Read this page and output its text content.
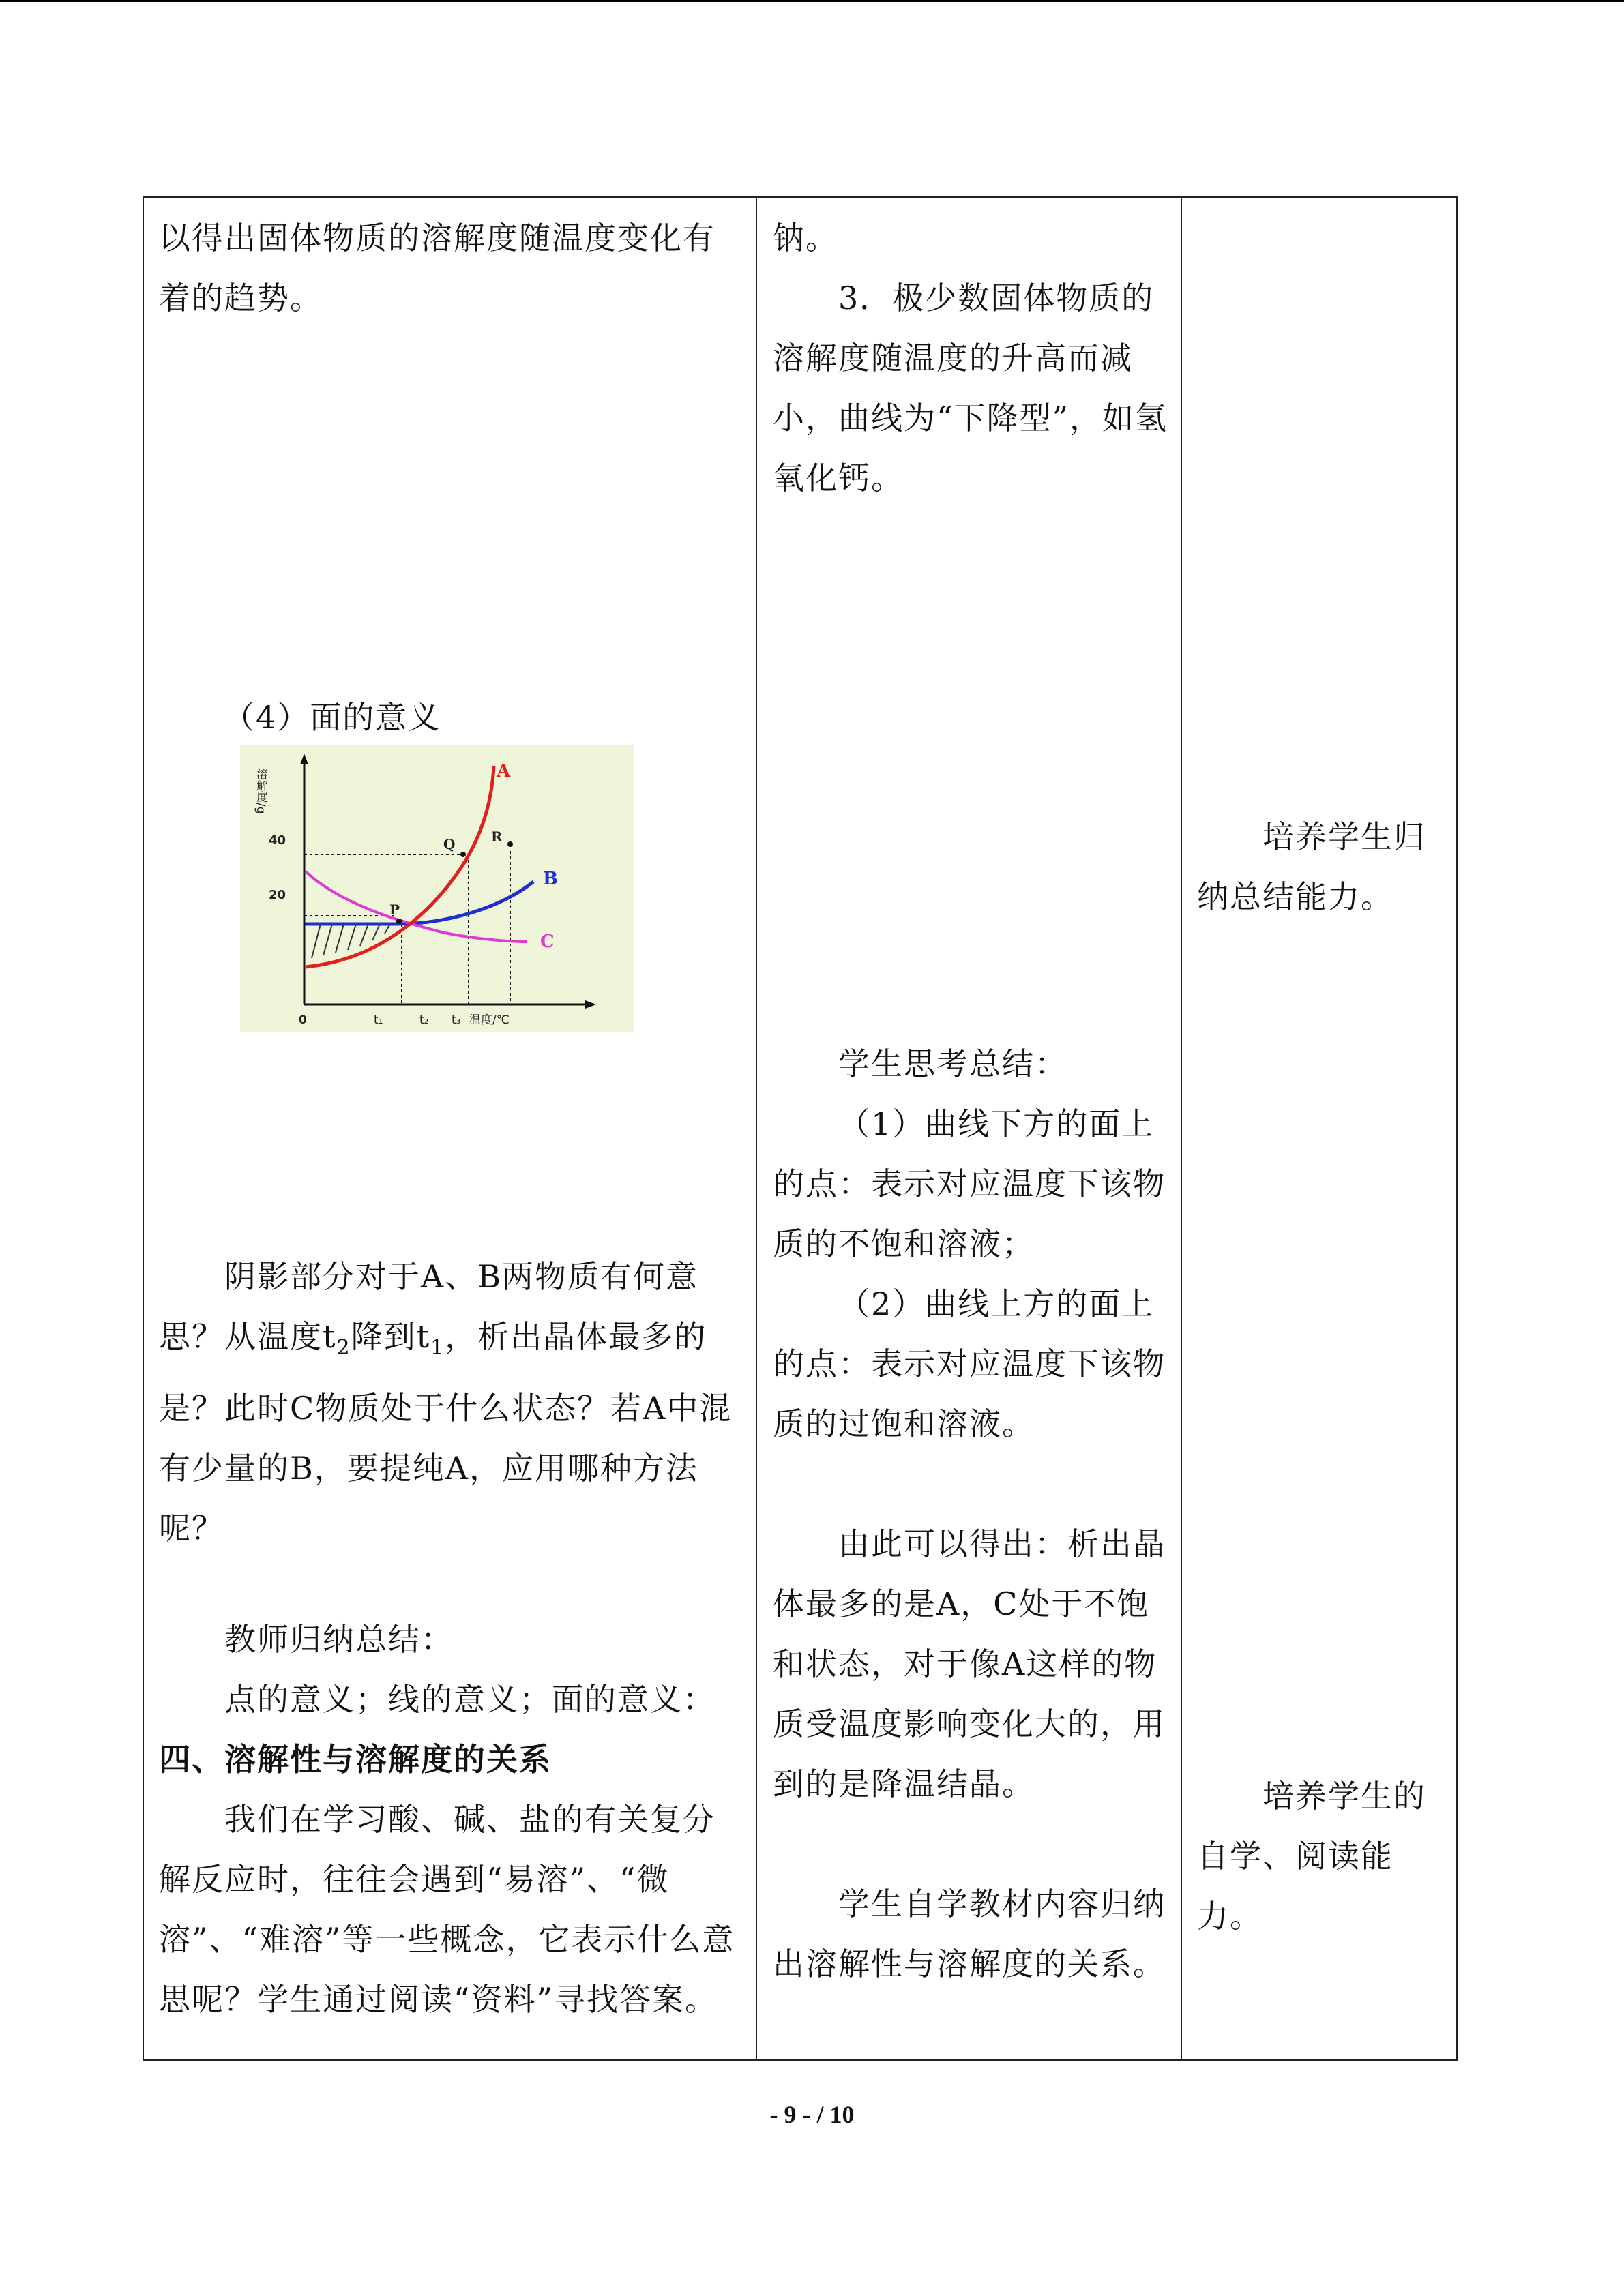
以得出固体物质的溶解度随温度变化有着的趋势。

（4）面的意义

溶解度/g
40
20
0	t₁	t₂ t₃ 温度/℃
P
Q	R
A
B
C

阴影部分对于A、B两物质有何意思？从温度$t_2$降到$t_1$，析出晶体最多的是？此时C物质处于什么状态？若A中混有少量的B，要提纯A，应用哪种方法呢？

教师归纳总结：

点的意义；线的意义；面的意义：

四、溶解性与溶解度的关系

我们在学习酸、碱、盐的有关复分解反应时，往往会遇到“易溶”、“微溶”、“难溶”等一些概念，它表示什么意思呢？学生通过阅读“资料”寻找答案。

钠。

3．极少数固体物质的溶解度随温度的升高而减小，曲线为“下降型”，如氢氧化钙。

学生思考总结：

（1）曲线下方的面上的点：表示对应温度下该物质的不饱和溶液；

（2）曲线上方的面上的点：表示对应温度下该物质的过饱和溶液。

由此可以得出：析出晶体最多的是A，C处于不饱和状态，对于像A这样的物质受温度影响变化大的，用到的是降温结晶。

学生自学教材内容归纳出溶解性与溶解度的关系。

培养学生归纳总结能力。

培养学生的自学、阅读能力。

- 9 - / 10
